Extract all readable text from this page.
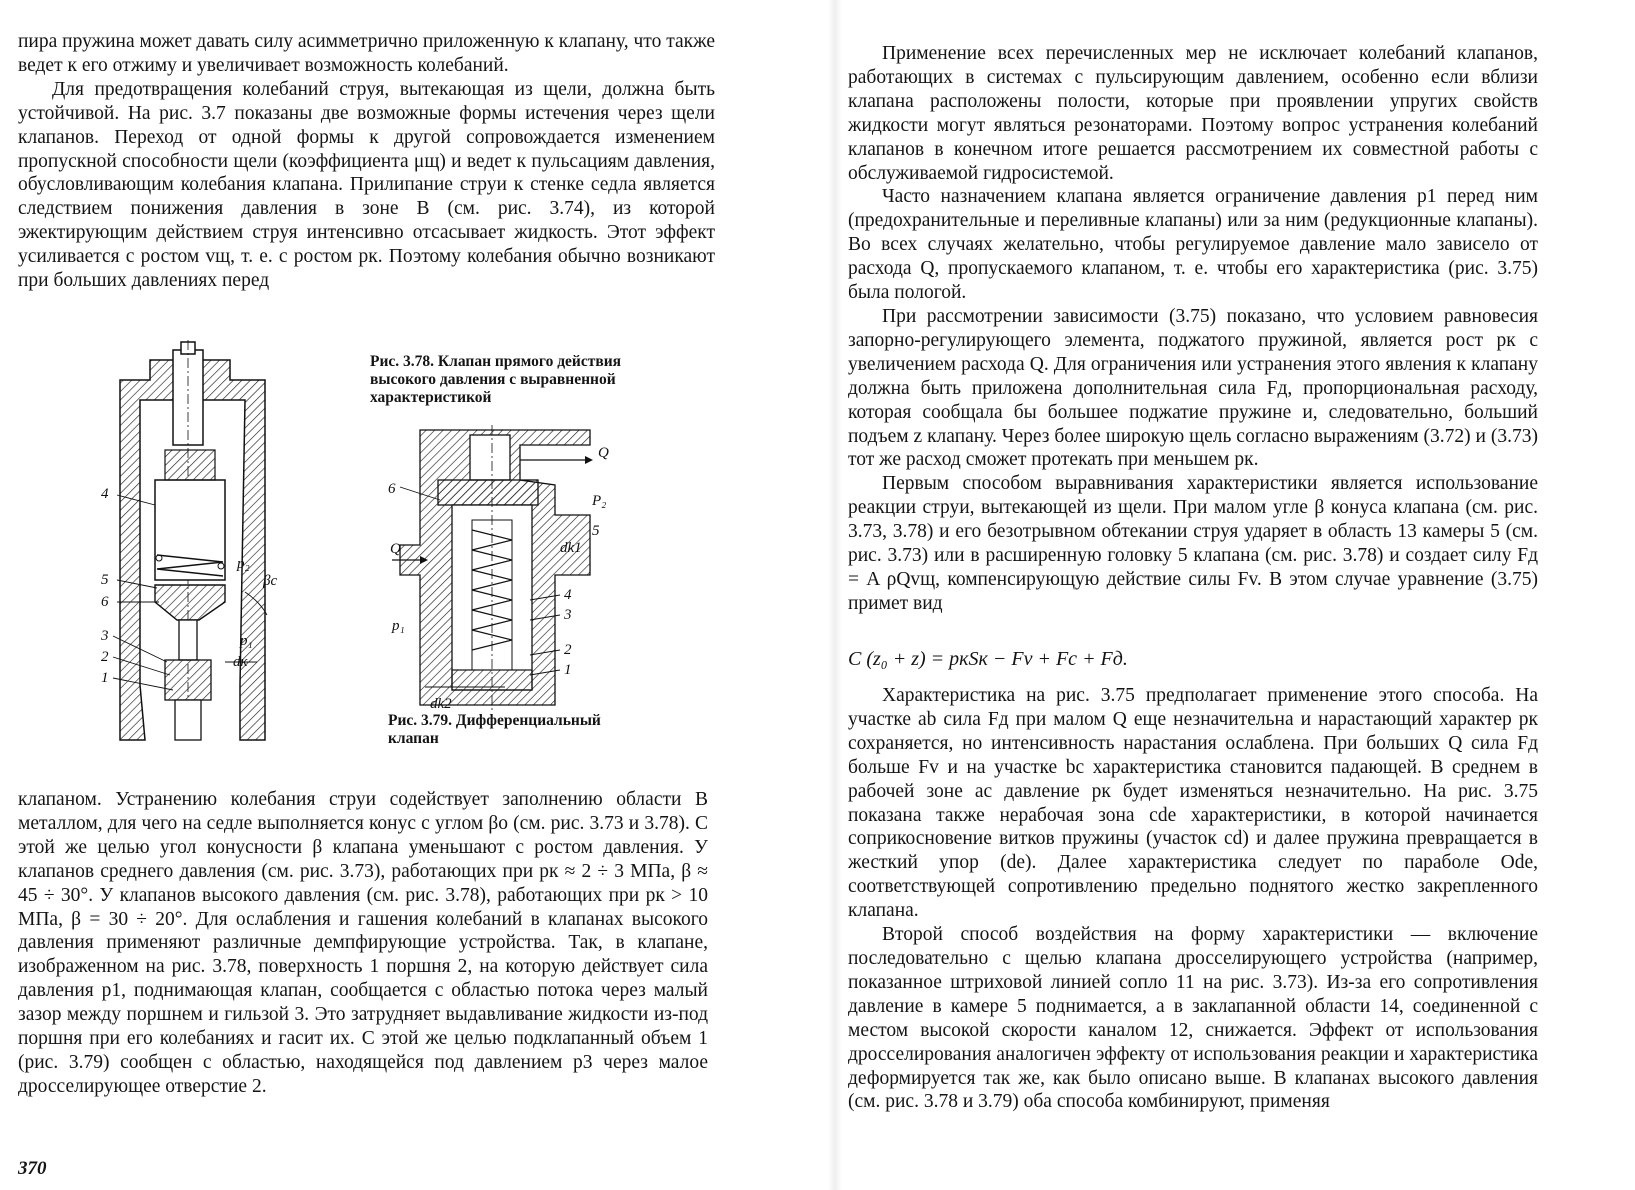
пира пружина может давать силу асимметрично приложенную к клапану, что также ведет к его отжиму и увеличивает возможность колебаний.

Для предотвращения колебаний струя, вытекающая из щели, должна быть устойчивой. На рис. 3.7 показаны две возможные формы истечения через щели клапанов. Переход от одной формы к другой сопровождается изменением пропускной способности щели (коэффициента μщ) и ведет к пульсациям давления, обусловливающим колебания клапана. Прилипание струи к стенке седла является следствием понижения давления в зоне В (см. рис. 3.74), из которой эжектирующим действием струя интенсивно отсасывает жидкость. Этот эффект усиливается с ростом vщ, т. е. с ростом pк. Поэтому колебания обычно возникают при больших давлениях перед

4
5
6
3
2
1
p₂
βс
p₁
dк

Рис. 3.78. Клапан прямого действия высокого давления с выравненной характеристикой

6
Q
P₂
5
Q	dk1
4
3
p₁
2
1
dk2

Рис. 3.79. Дифференциальный клапан

клапаном. Устранению колебания струи содействует заполнению области В металлом, для чего на седле выполняется конус с углом βо (см. рис. 3.73 и 3.78). С этой же целью угол конусности β клапана уменьшают с ростом давления. У клапанов среднего давления (см. рис. 3.73), работающих при pк ≈ 2 ÷ 3 МПа, β ≈ 45 ÷ 30°. У клапанов высокого давления (см. рис. 3.78), работающих при pк > 10 МПа, β = 30 ÷ 20°. Для ослабления и гашения колебаний в клапанах высокого давления применяют различные демпфирующие устройства. Так, в клапане, изображенном на рис. 3.78, поверхность 1 поршня 2, на которую действует сила давления p1, поднимающая клапан, сообщается с областью потока через малый зазор между поршнем и гильзой 3. Это затрудняет выдавливание жидкости из-под поршня при его колебаниях и гасит их. С этой же целью подклапанный объем 1 (рис. 3.79) сообщен с областью, находящейся под давлением p3 через малое дросселирующее отверстие 2.

370

Применение всех перечисленных мер не исключает колебаний клапанов, работающих в системах с пульсирующим давлением, особенно если вблизи клапана расположены полости, которые при проявлении упругих свойств жидкости могут являться резонаторами. Поэтому вопрос устранения колебаний клапанов в конечном итоге решается рассмотрением их совместной работы с обслуживаемой гидросистемой.

Часто назначением клапана является ограничение давления p1 перед ним (предохранительные и переливные клапаны) или за ним (редукционные клапаны). Во всех случаях желательно, чтобы регулируемое давление мало зависело от расхода Q, пропускаемого клапаном, т. е. чтобы его характеристика (рис. 3.75) была пологой.

При рассмотрении зависимости (3.75) показано, что условием равновесия запорно-регулирующего элемента, поджатого пружиной, является рост pк с увеличением расхода Q. Для ограничения или устранения этого явления к клапану должна быть приложена дополнительная сила Fд, пропорциональная расходу, которая сообщала бы большее поджатие пружине и, следовательно, больший подъем z клапану. Через более широкую щель согласно выражениям (3.72) и (3.73) тот же расход сможет протекать при меньшем pк.

Первым способом выравнивания характеристики является использование реакции струи, вытекающей из щели. При малом угле β конуса клапана (см. рис. 3.73, 3.78) и его безотрывном обтекании струя ударяет в область 13 камеры 5 (см. рис. 3.73) или в расширенную головку 5 клапана (см. рис. 3.78) и создает силу Fд = A ρQvщ, компенсирующую действие силы Fv. В этом случае уравнение (3.75) примет вид

C (z₀ + z) = pкSк − Fv + Fс + Fд.

Характеристика на рис. 3.75 предполагает применение этого способа. На участке ab сила Fд при малом Q еще незначительна и нарастающий характер pк сохраняется, но интенсивность нарастания ослаблена. При больших Q сила Fд больше Fv и на участке bc характеристика становится падающей. В среднем в рабочей зоне ac давление pк будет изменяться незначительно. На рис. 3.75 показана также нерабочая зона cde характеристики, в которой начинается соприкосновение витков пружины (участок cd) и далее пружина превращается в жесткий упор (de). Далее характеристика следует по параболе Ode, соответствующей сопротивлению предельно поднятого жестко закрепленного клапана.

Второй способ воздействия на форму характеристики — включение последовательно с щелью клапана дросселирующего устройства (например, показанное штриховой линией сопло 11 на рис. 3.73). Из-за его сопротивления давление в камере 5 поднимается, а в заклапанной области 14, соединенной с местом высокой скорости каналом 12, снижается. Эффект от использования дросселирования аналогичен эффекту от использования реакции и характеристика деформируется так же, как было описано выше. В клапанах высокого давления (см. рис. 3.78 и 3.79) оба способа комбинируют, применяя
